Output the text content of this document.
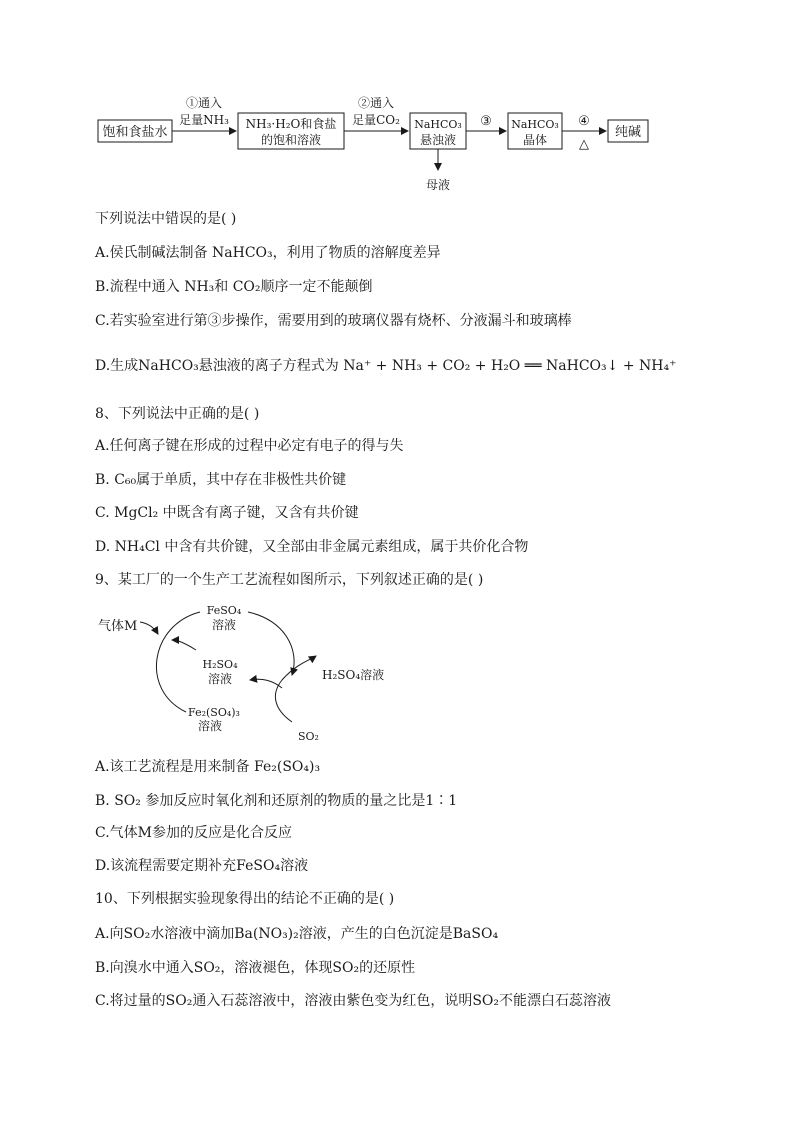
饱和食盐水
①通入
足量NH₃ NH₃·H₂O和食盐
的饱和溶液
②通入
足量CO₂ NaHCO₃
悬浊液
母液
③ NaHCO₃
晶体
④
△
纯碱
下列说法中错误的是( )
A.侯氏制碱法制备 NaHCO₃，利用了物质的溶解度差异
B.流程中通入 NH₃和 CO₂顺序一定不能颠倒
C.若实验室进行第③步操作，需要用到的玻璃仪器有烧杯、分液漏斗和玻璃棒
D.生成NaHCO₃悬浊液的离子方程式为 Na⁺ + NH₃ + CO₂ + H₂O ══ NaHCO₃↓ + NH₄⁺
8、下列说法中正确的是( )
A.任何离子键在形成的过程中必定有电子的得与失
B. C₆₀属于单质，其中存在非极性共价键
C. MgCl₂ 中既含有离子键，又含有共价键
D. NH₄Cl 中含有共价键，又全部由非金属元素组成，属于共价化合物
9、某工厂的一个生产工艺流程如图所示，下列叙述正确的是( )
气体M
FeSO₄
溶液
H₂SO₄
溶液	H₂SO₄溶液
Fe₂(SO₄)₃
溶液
SO₂
A.该工艺流程是用来制备 Fe₂(SO₄)₃
B. SO₂ 参加反应时氧化剂和还原剂的物质的量之比是1∶1
C.气体M参加的反应是化合反应
D.该流程需要定期补充FeSO₄溶液
10、下列根据实验现象得出的结论不正确的是( )
A.向SO₂水溶液中滴加Ba(NO₃)₂溶液，产生的白色沉淀是BaSO₄
B.向溴水中通入SO₂，溶液褪色，体现SO₂的还原性
C.将过量的SO₂通入石蕊溶液中，溶液由紫色变为红色，说明SO₂不能漂白石蕊溶液
